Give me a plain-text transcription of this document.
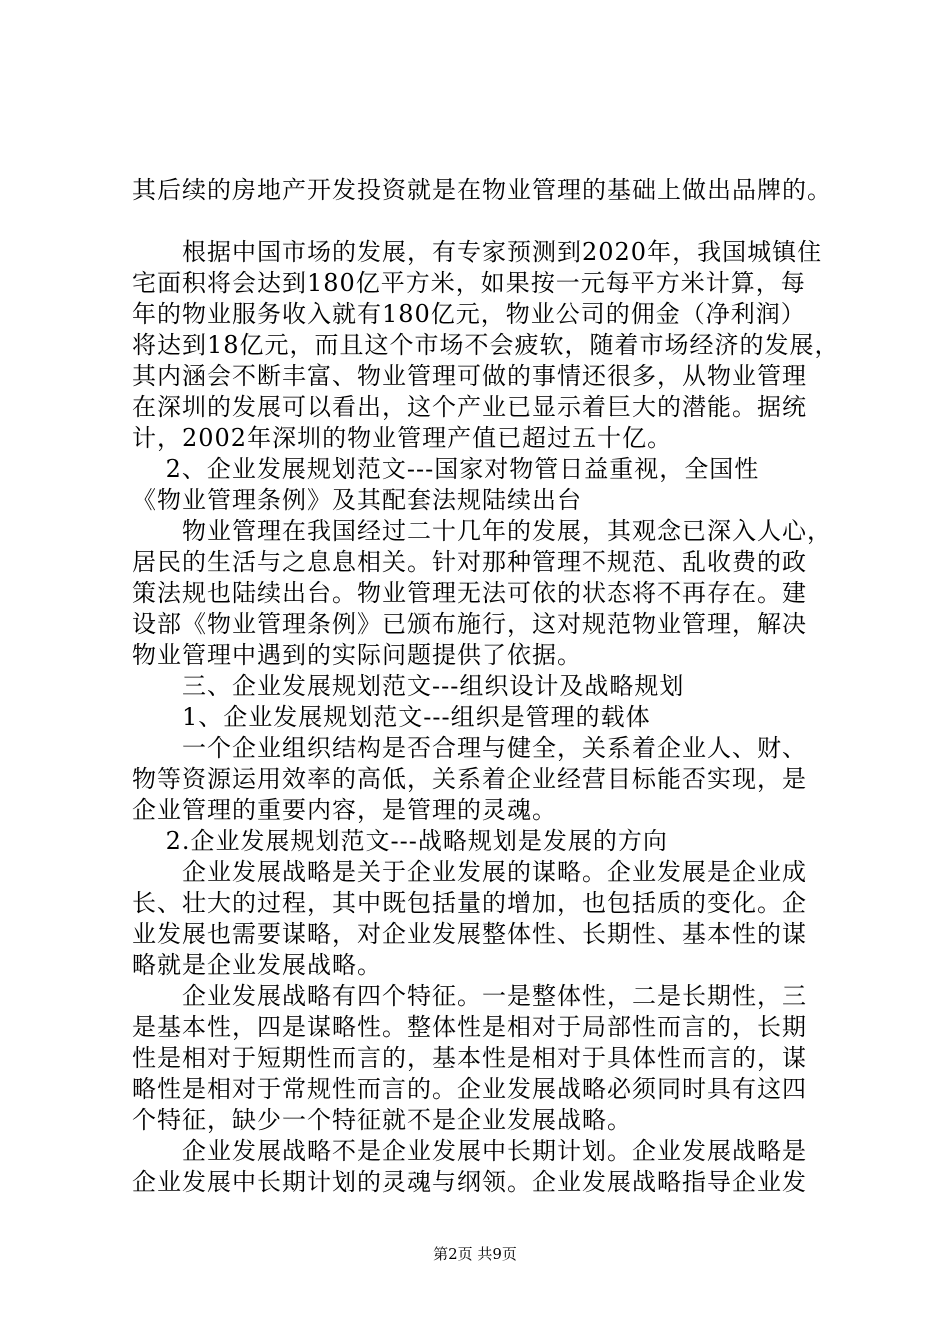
其后续的房地产开发投资就是在物业管理的基础上做出品牌的。
　　根据中国市场的发展，有专家预测到2020年，我国城镇住
宅面积将会达到180亿平方米，如果按一元每平方米计算，每
年的物业服务收入就有180亿元，物业公司的佣金（净利润）
将达到18亿元，而且这个市场不会疲软，随着市场经济的发展，
其内涵会不断丰富、物业管理可做的事情还很多，从物业管理
在深圳的发展可以看出，这个产业已显示着巨大的潜能。据统
计，2002年深圳的物业管理产值已超过五十亿。
　 2、企业发展规划范文---国家对物管日益重视，全国性
《物业管理条例》及其配套法规陆续出台
　　物业管理在我国经过二十几年的发展，其观念已深入人心，
居民的生活与之息息相关。针对那种管理不规范、乱收费的政
策法规也陆续出台。物业管理无法可依的状态将不再存在。建
设部《物业管理条例》已颁布施行，这对规范物业管理，解决
物业管理中遇到的实际问题提供了依据。
　　三、企业发展规划范文---组织设计及战略规划
　　1、企业发展规划范文---组织是管理的载体
　　一个企业组织结构是否合理与健全，关系着企业人、财、
物等资源运用效率的高低，关系着企业经营目标能否实现，是
企业管理的重要内容，是管理的灵魂。
　 2.企业发展规划范文---战略规划是发展的方向
　　企业发展战略是关于企业发展的谋略。企业发展是企业成
长、壮大的过程，其中既包括量的增加，也包括质的变化。企
业发展也需要谋略，对企业发展整体性、长期性、基本性的谋
略就是企业发展战略。
　　企业发展战略有四个特征。一是整体性，二是长期性，三
是基本性，四是谋略性。整体性是相对于局部性而言的，长期
性是相对于短期性而言的，基本性是相对于具体性而言的，谋
略性是相对于常规性而言的。企业发展战略必须同时具有这四
个特征，缺少一个特征就不是企业发展战略。
　　企业发展战略不是企业发展中长期计划。企业发展战略是
企业发展中长期计划的灵魂与纲领。企业发展战略指导企业发
第2页 共9页
